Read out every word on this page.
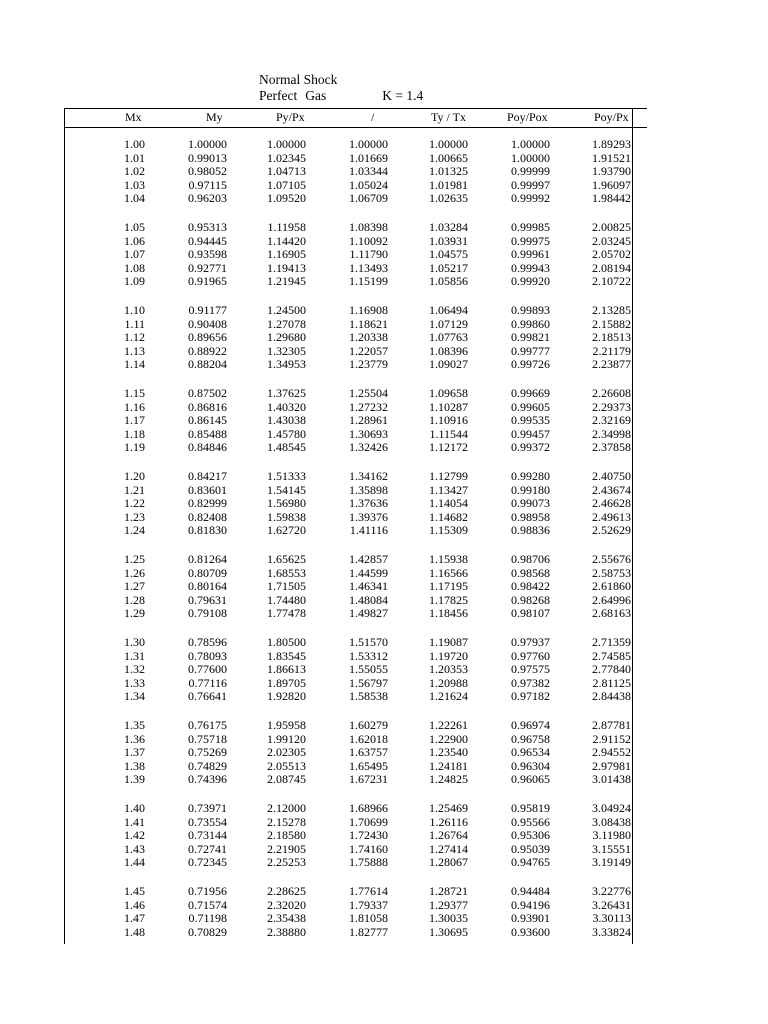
Normal Shock
Perfect Gas	K = 1.4
Mx	My	Py/Px	/	Ty / Tx	Poy/Pox	Poy/Px
1.00	1.00000	1.00000	1.00000	1.00000	1.00000	1.89293
1.01	0.99013	1.02345	1.01669	1.00665	1.00000	1.91521
1.02	0.98052	1.04713	1.03344	1.01325	0.99999	1.93790
1.03	0.97115	1.07105	1.05024	1.01981	0.99997	1.96097
1.04	0.96203	1.09520	1.06709	1.02635	0.99992	1.98442
1.05	0.95313	1.11958	1.08398	1.03284	0.99985	2.00825
1.06	0.94445	1.14420	1.10092	1.03931	0.99975	2.03245
1.07	0.93598	1.16905	1.11790	1.04575	0.99961	2.05702
1.08	0.92771	1.19413	1.13493	1.05217	0.99943	2.08194
1.09	0.91965	1.21945	1.15199	1.05856	0.99920	2.10722
1.10	0.91177	1.24500	1.16908	1.06494	0.99893	2.13285
1.11	0.90408	1.27078	1.18621	1.07129	0.99860	2.15882
1.12	0.89656	1.29680	1.20338	1.07763	0.99821	2.18513
1.13	0.88922	1.32305	1.22057	1.08396	0.99777	2.21179
1.14	0.88204	1.34953	1.23779	1.09027	0.99726	2.23877
1.15	0.87502	1.37625	1.25504	1.09658	0.99669	2.26608
1.16	0.86816	1.40320	1.27232	1.10287	0.99605	2.29373
1.17	0.86145	1.43038	1.28961	1.10916	0.99535	2.32169
1.18	0.85488	1.45780	1.30693	1.11544	0.99457	2.34998
1.19	0.84846	1.48545	1.32426	1.12172	0.99372	2.37858
1.20	0.84217	1.51333	1.34162	1.12799	0.99280	2.40750
1.21	0.83601	1.54145	1.35898	1.13427	0.99180	2.43674
1.22	0.82999	1.56980	1.37636	1.14054	0.99073	2.46628
1.23	0.82408	1.59838	1.39376	1.14682	0.98958	2.49613
1.24	0.81830	1.62720	1.41116	1.15309	0.98836	2.52629
1.25	0.81264	1.65625	1.42857	1.15938	0.98706	2.55676
1.26	0.80709	1.68553	1.44599	1.16566	0.98568	2.58753
1.27	0.80164	1.71505	1.46341	1.17195	0.98422	2.61860
1.28	0.79631	1.74480	1.48084	1.17825	0.98268	2.64996
1.29	0.79108	1.77478	1.49827	1.18456	0.98107	2.68163
1.30	0.78596	1.80500	1.51570	1.19087	0.97937	2.71359
1.31	0.78093	1.83545	1.53312	1.19720	0.97760	2.74585
1.32	0.77600	1.86613	1.55055	1.20353	0.97575	2.77840
1.33	0.77116	1.89705	1.56797	1.20988	0.97382	2.81125
1.34	0.76641	1.92820	1.58538	1.21624	0.97182	2.84438
1.35	0.76175	1.95958	1.60279	1.22261	0.96974	2.87781
1.36	0.75718	1.99120	1.62018	1.22900	0.96758	2.91152
1.37	0.75269	2.02305	1.63757	1.23540	0.96534	2.94552
1.38	0.74829	2.05513	1.65495	1.24181	0.96304	2.97981
1.39	0.74396	2.08745	1.67231	1.24825	0.96065	3.01438
1.40	0.73971	2.12000	1.68966	1.25469	0.95819	3.04924
1.41	0.73554	2.15278	1.70699	1.26116	0.95566	3.08438
1.42	0.73144	2.18580	1.72430	1.26764	0.95306	3.11980
1.43	0.72741	2.21905	1.74160	1.27414	0.95039	3.15551
1.44	0.72345	2.25253	1.75888	1.28067	0.94765	3.19149
1.45	0.71956	2.28625	1.77614	1.28721	0.94484	3.22776
1.46	0.71574	2.32020	1.79337	1.29377	0.94196	3.26431
1.47	0.71198	2.35438	1.81058	1.30035	0.93901	3.30113
1.48	0.70829	2.38880	1.82777	1.30695	0.93600	3.33824
